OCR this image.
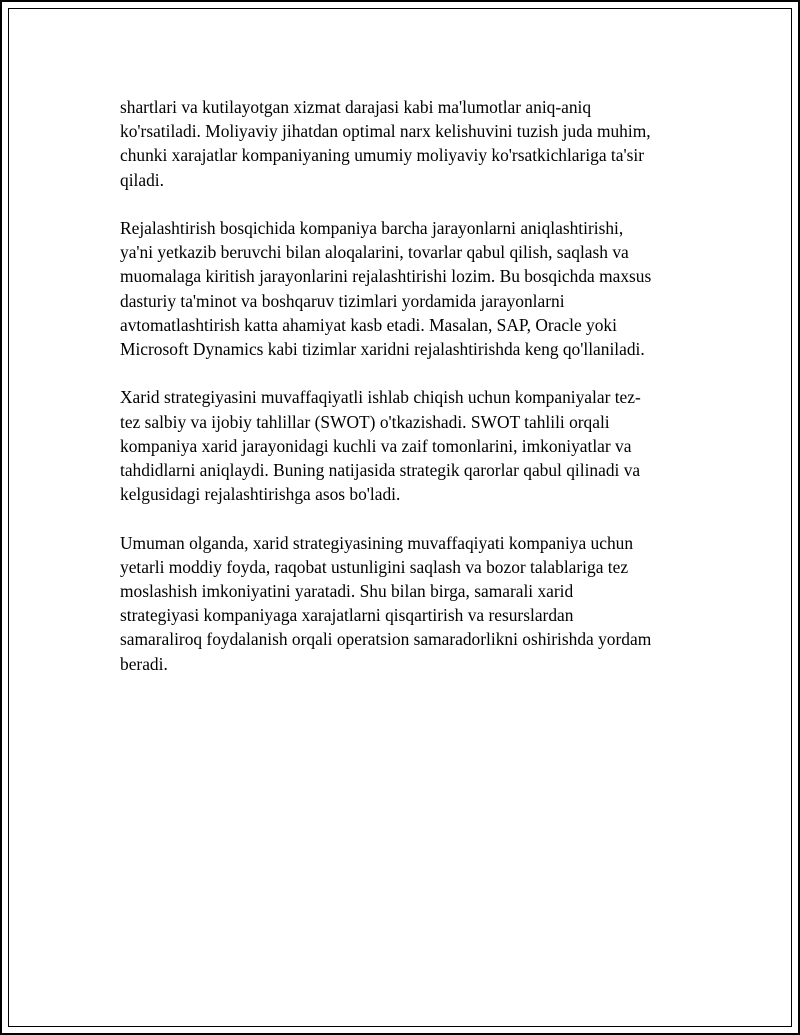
shartlari va kutilayotgan xizmat darajasi kabi ma'lumotlar aniq-aniq
ko'rsatiladi. Moliyaviy jihatdan optimal narx kelishuvini tuzish juda muhim,
chunki xarajatlar kompaniyaning umumiy moliyaviy ko'rsatkichlariga ta'sir
qiladi.

Rejalashtirish bosqichida kompaniya barcha jarayonlarni aniqlashtirishi,
ya'ni yetkazib beruvchi bilan aloqalarini, tovarlar qabul qilish, saqlash va
muomalaga kiritish jarayonlarini rejalashtirishi lozim. Bu bosqichda maxsus
dasturiy ta'minot va boshqaruv tizimlari yordamida jarayonlarni
avtomatlashtirish katta ahamiyat kasb etadi. Masalan, SAP, Oracle yoki
Microsoft Dynamics kabi tizimlar xaridni rejalashtirishda keng qo'llaniladi.

Xarid strategiyasini muvaffaqiyatli ishlab chiqish uchun kompaniyalar tez-
tez salbiy va ijobiy tahlillar (SWOT) o'tkazishadi. SWOT tahlili orqali
kompaniya xarid jarayonidagi kuchli va zaif tomonlarini, imkoniyatlar va
tahdidlarni aniqlaydi. Buning natijasida strategik qarorlar qabul qilinadi va
kelgusidagi rejalashtirishga asos bo'ladi.

Umuman olganda, xarid strategiyasining muvaffaqiyati kompaniya uchun
yetarli moddiy foyda, raqobat ustunligini saqlash va bozor talablariga tez
moslashish imkoniyatini yaratadi. Shu bilan birga, samarali xarid
strategiyasi kompaniyaga xarajatlarni qisqartirish va resurslardan
samaraliroq foydalanish orqali operatsion samaradorlikni oshirishda yordam
beradi.
